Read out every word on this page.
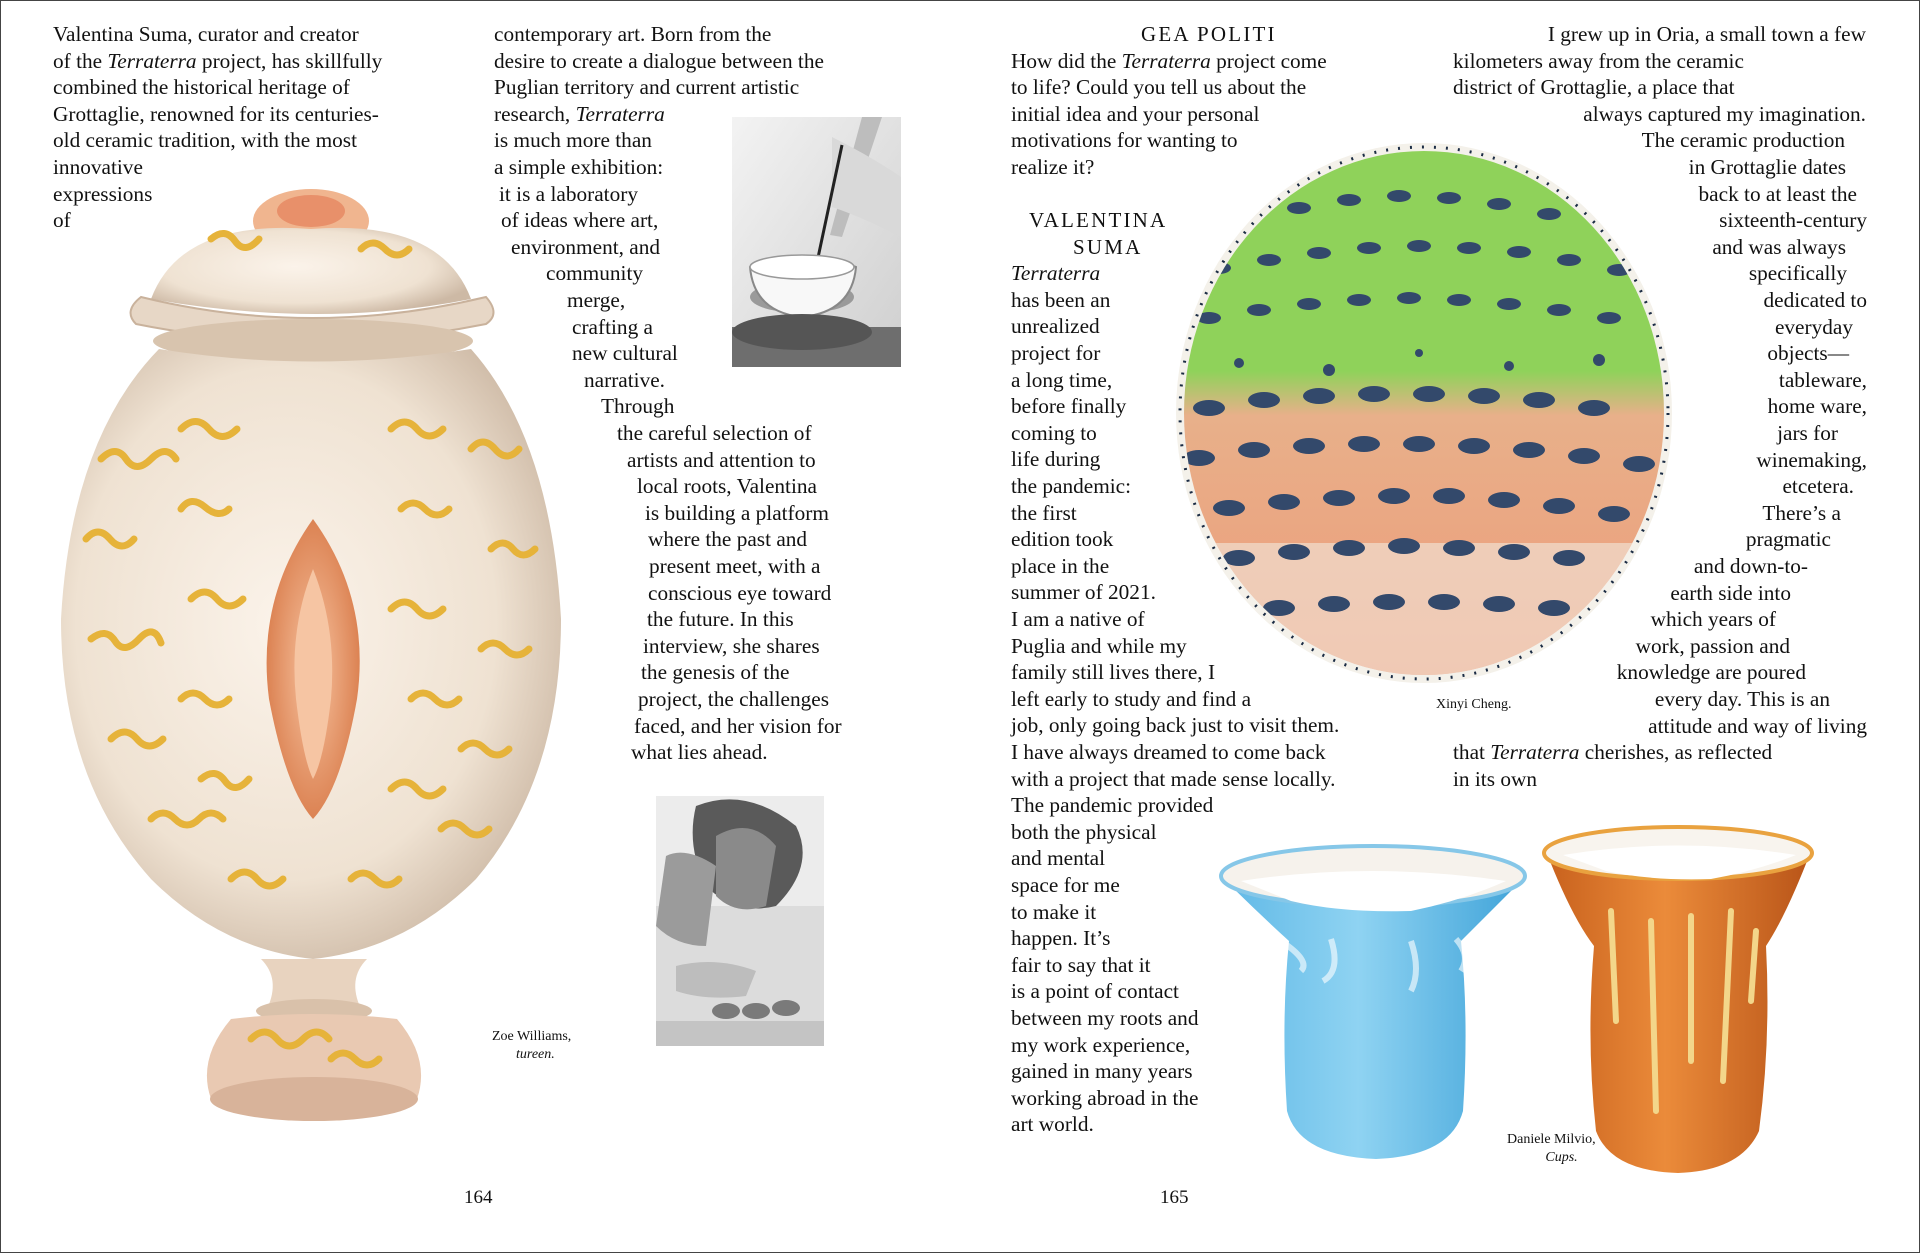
Valentina Suma, curator and creator

of the Terraterra project, has skillfully

combined the historical heritage of

Grottaglie, renowned for its centuries-

old ceramic tradition, with the most

innovative

expressions

of

contemporary art. Born from the

desire to create a dialogue between the

Puglian territory and current artistic

research, Terraterra

is much more than

a simple exhibition:

it is a laboratory

of ideas where art,

environment, and

community

merge,

crafting a

new cultural

narrative.

Through

the careful selection of

artists and attention to

local roots, Valentina

is building a platform

where the past and

present meet, with a

conscious eye toward

the future. In this

interview, she shares

the genesis of the

project, the challenges

faced, and her vision for

what lies ahead.

Zoe Williams,
tureen.
164

GEA POLITI

How did the Terraterra project come

to life? Could you tell us about the

initial idea and your personal

motivations for wanting to

realize it?

VALENTINA

SUMA

Terraterra

has been an

unrealized

project for

a long time,

before finally

coming to

life during

the pandemic:

the first

edition took

place in the

summer of 2021.

I am a native of

Puglia and while my

family still lives there, I

left early to study and find a

job, only going back just to visit them.

I have always dreamed to come back

with a project that made sense locally.

The pandemic provided

both the physical

and mental

space for me

to make it

happen. It’s

fair to say that it

is a point of contact

between my roots and

my work experience,

gained in many years

working abroad in the

art world.

I grew up in Oria, a small town a few

kilometers away from the ceramic

district of Grottaglie, a place that

always captured my imagination.

The ceramic production

in Grottaglie dates

back to at least the

sixteenth-century

and was always

specifically

dedicated to

everyday

objects—

tableware,

home ware,

jars for

winemaking,

etcetera.

There’s a

pragmatic

and down-to-

earth side into

which years of

work, passion and

knowledge are poured

every day. This is an

attitude and way of living

that Terraterra cherishes, as reflected

in its own

Xinyi Cheng.
Daniele Milvio,
Cups.
165
